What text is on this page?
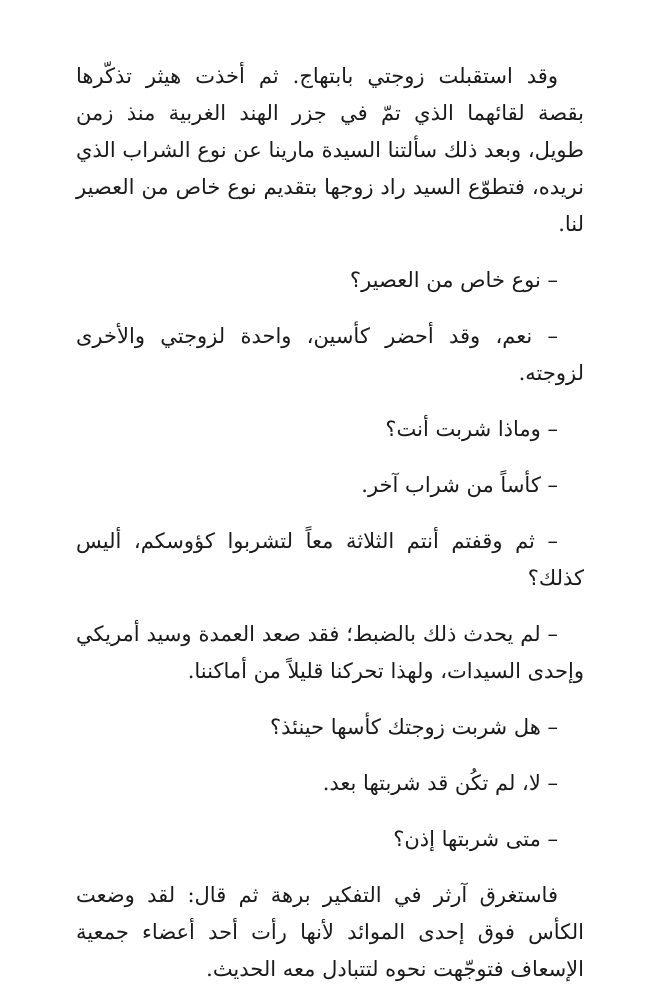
وقد استقبلت زوجتي بابتهاج. ثم أخذت هيثر تذكّرها بقصة لقائهما الذي تمّ في جزر الهند الغربية منذ زمن طويل، وبعد ذلك سألتنا السيدة مارينا عن نوع الشراب الذي نريده، فتطوّع السيد راد زوجها بتقديم نوع خاص من العصير لنا.

– نوع خاص من العصير؟

– نعم، وقد أحضر كأسين، واحدة لزوجتي والأخرى لزوجته.

– وماذا شربت أنت؟

– كأساً من شراب آخر.

– ثم وقفتم أنتم الثلاثة معاً لتشربوا كؤوسكم، أليس كذلك؟

– لم يحدث ذلك بالضبط؛ فقد صعد العمدة وسيد أمريكي وإحدى السيدات، ولهذا تحركنا قليلاً من أماكننا.

– هل شربت زوجتك كأسها حينئذ؟

– لا، لم تكُن قد شربتها بعد.

– متى شربتها إذن؟

فاستغرق آرثر في التفكير برهة ثم قال: لقد وضعت الكأس فوق إحدى الموائد لأنها رأت أحد أعضاء جمعية الإسعاف فتوجّهت نحوه لتتبادل معه الحديث.
